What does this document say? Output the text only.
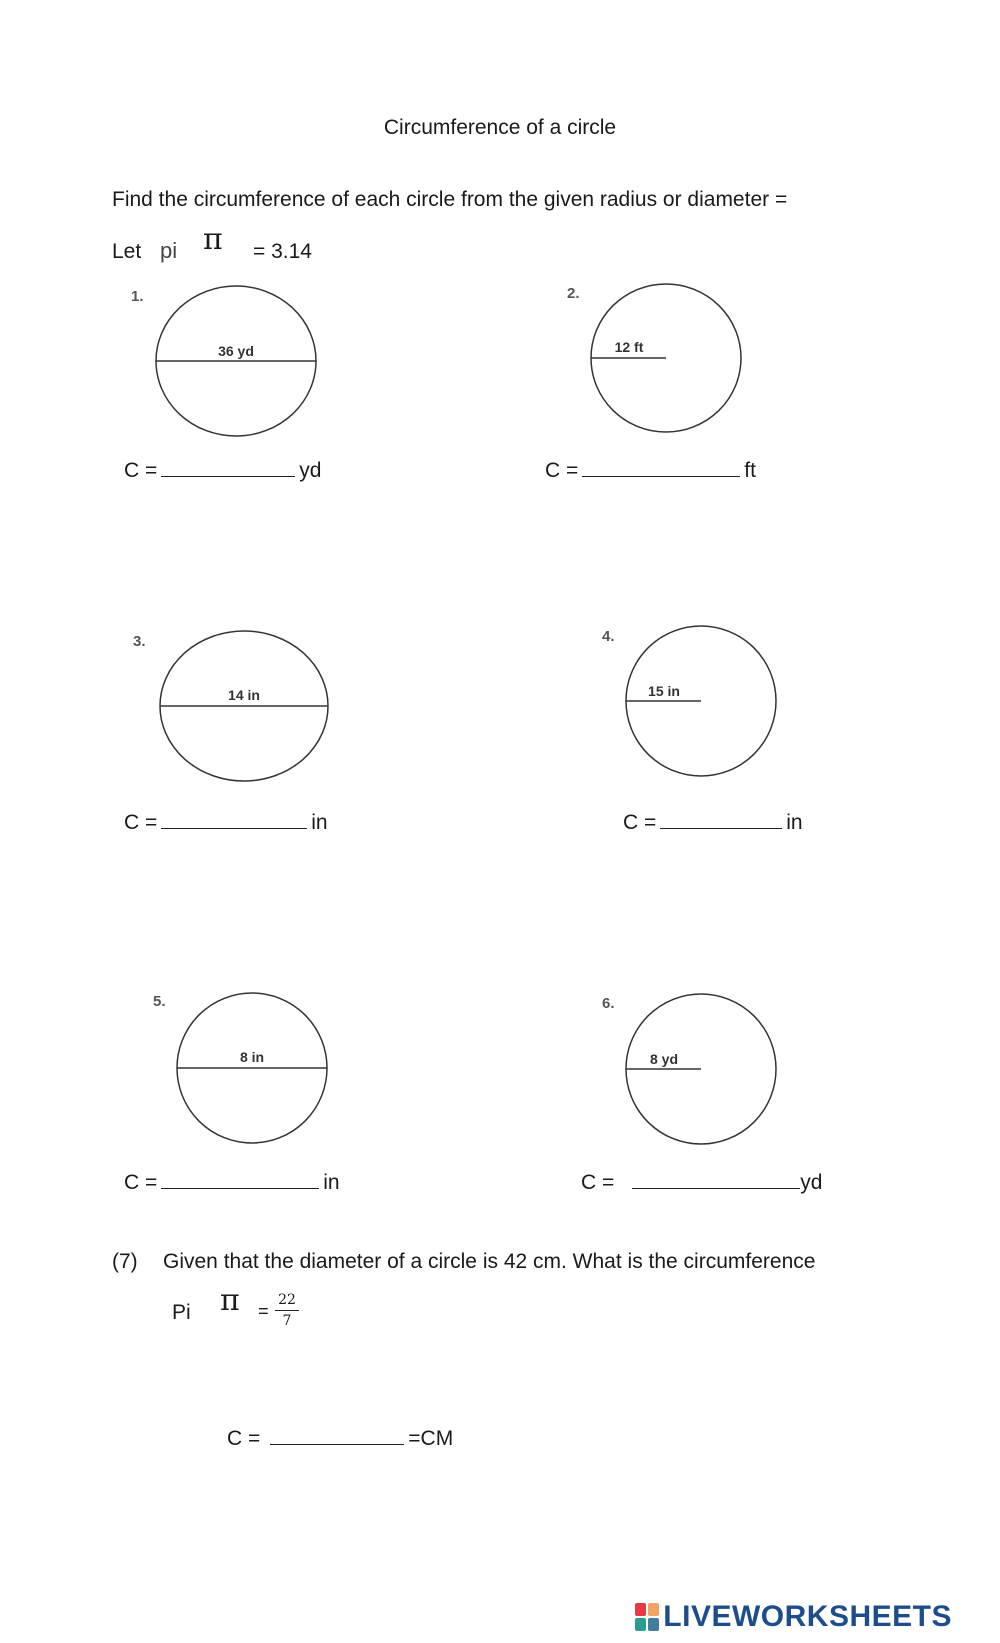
Circumference of a circle
Find the circumference of each circle from the given radius or diameter =
Let pi π = 3.14
1.
36 yd
C =	yd
2.
12 ft
C =	ft
3.
14 in
C =	in
4.
15 in
C =	in
5.
8 in
C =	in
6.
8 yd
C =	yd
(7) Given that the diameter of a circle is 42 cm. What is the circumference
Pi π =
22
7
C =	=CM
LIVEWORKSHEETS
